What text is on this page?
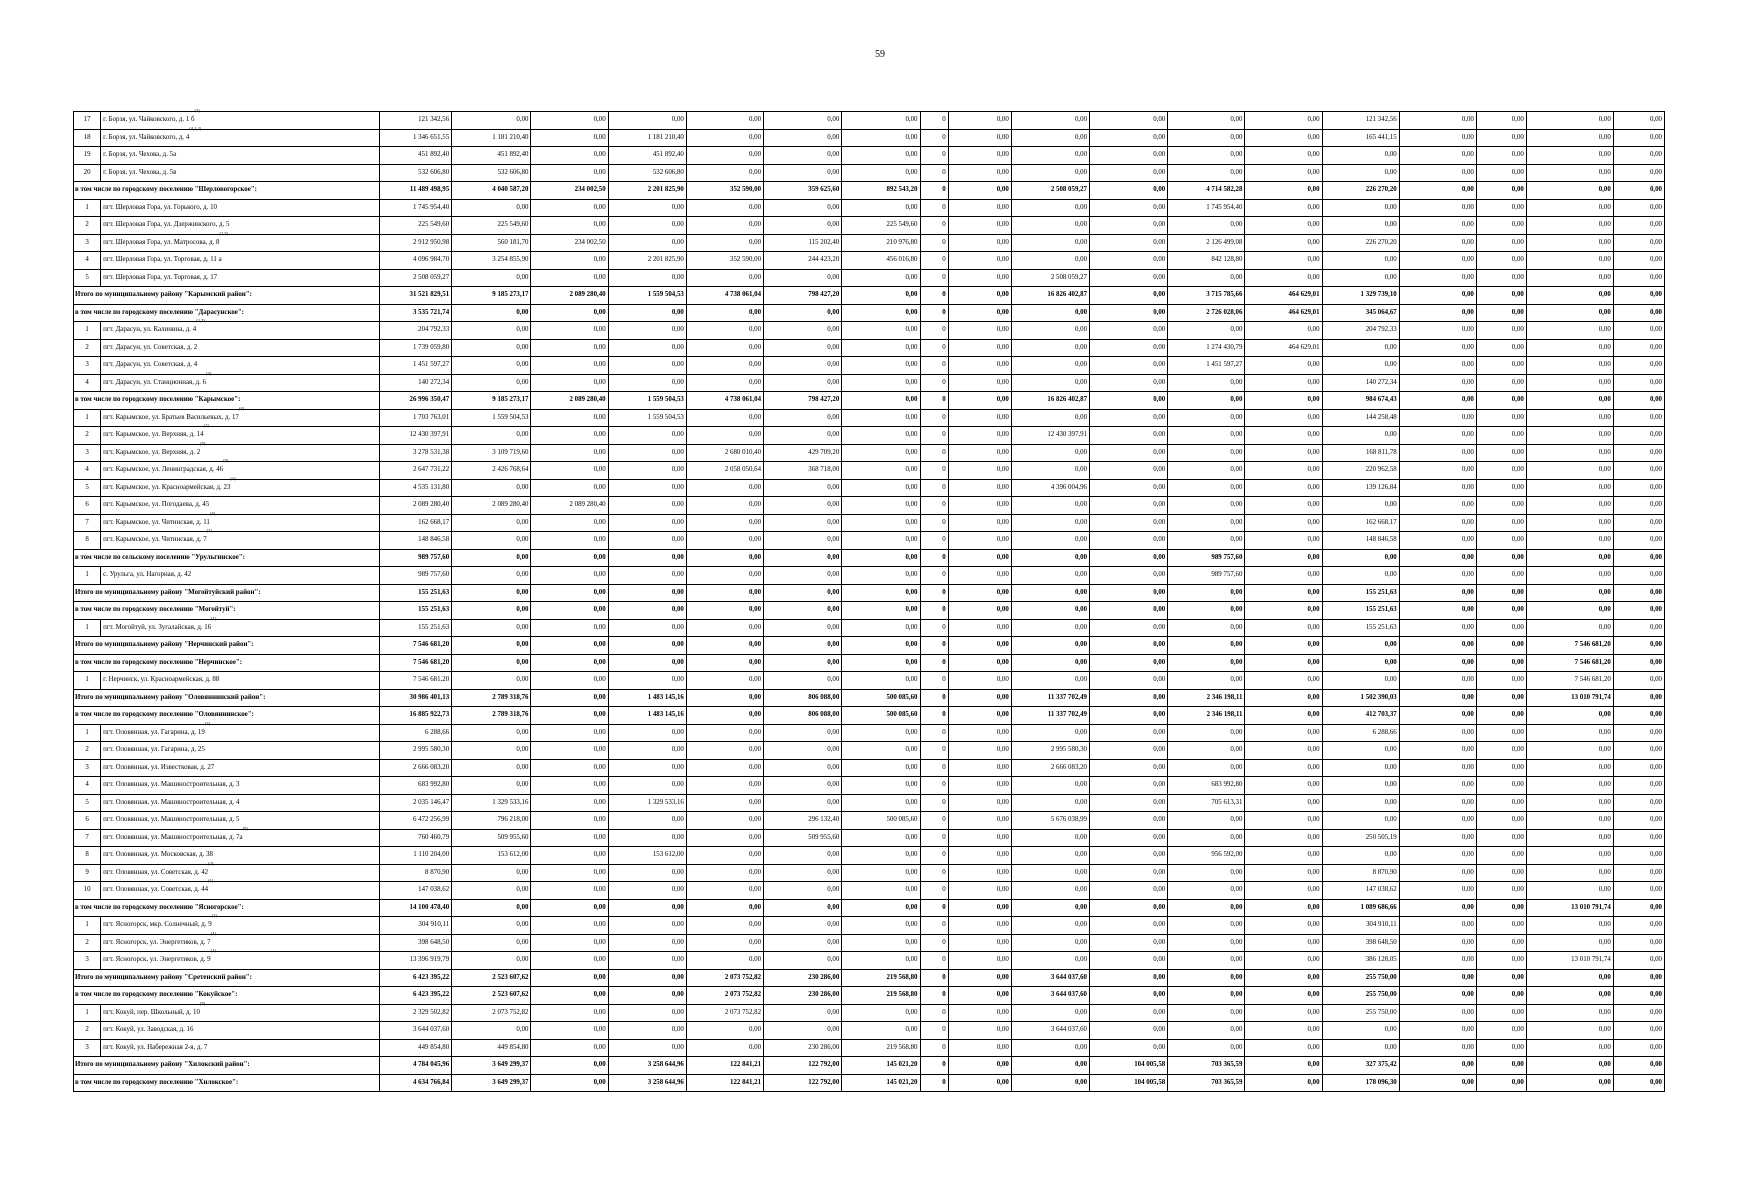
59
17	г. Борзя, ул. Чайковского, д. 1 $б^{(2)}$	121 342,56	0,00	0,00	0,00	0,00	0,00	0,00	0	0,00	0,00	0,00	0,00	0,00	121 342,56	0,00	0,00	0,00	0,00
18	г. Борзя, ул. Чайковского, д. 4$^{(4,1,2)}$	1 346 651,55	1 181 210,40	0,00	1 181 210,40	0,00	0,00	0,00	0	0,00	0,00	0,00	0,00	0,00	165 441,15	0,00	0,00	0,00	0,00
19	г. Борзя, ул. Чехова, д. 5а	451 892,40	451 892,40	0,00	451 892,40	0,00	0,00	0,00	0	0,00	0,00	0,00	0,00	0,00	0,00	0,00	0,00	0,00	0,00
20	г. Борзя, ул. Чехова, д. 5в	532 606,80	532 606,80	0,00	532 606,80	0,00	0,00	0,00	0	0,00	0,00	0,00	0,00	0,00	0,00	0,00	0,00	0,00	0,00
в том числе по городскому поселению "Шерловогорское":		11 489 498,95	4 040 587,20	234 002,50	2 201 825,90	352 590,00	359 625,60	892 543,20	0	0,00	2 508 059,27	0,00	4 714 582,28	0,00	226 270,20	0,00	0,00	0,00	0,00
1	пгт. Шерловая Гора, ул. Горького, д. 10	1 745 954,40	0,00	0,00	0,00	0,00	0,00	0,00	0	0,00	0,00	0,00	1 745 954,40	0,00	0,00	0,00	0,00	0,00	0,00
2	пгт. Шерловая Гора, ул. Дзержинского, д. 5	225 549,60	225 549,60	0,00	0,00	0,00	0,00	225 549,60	0	0,00	0,00	0,00	0,00	0,00	0,00	0,00	0,00	0,00	0,00
3	пгт. Шерловая Гора, ул. Матросова, д. 8$^{(2,5)}$	2 912 950,98	560 181,70	234 002,50	0,00	0,00	115 202,40	210 976,80	0	0,00	0,00	0,00	2 126 499,08	0,00	226 270,20	0,00	0,00	0,00	0,00
4	пгт. Шерловая Гора, ул. Торговая, д. 11 а	4 096 984,70	3 254 855,90	0,00	2 201 825,90	352 590,00	244 423,20	456 016,80	0	0,00	0,00	0,00	842 128,80	0,00	0,00	0,00	0,00	0,00	0,00
5	пгт. Шерловая Гора, ул. Торговая, д. 17	2 508 059,27	0,00	0,00	0,00	0,00	0,00	0,00	0	0,00	2 508 059,27	0,00	0,00	0,00	0,00	0,00	0,00	0,00	0,00
Итого по муниципальному району "Карымский район":		31 521 829,51	9 185 273,17	2 089 280,40	1 559 504,53	4 738 061,04	798 427,20	0,00	0	0,00	16 826 402,87	0,00	3 715 785,66	464 629,01	1 329 739,10	0,00	0,00	0,00	0,00
в том числе по городскому поселению "Дарасунское":		3 535 721,74	0,00	0,00	0,00	0,00	0,00	0,00	0	0,00	0,00	0,00	2 726 028,06	464 629,01	345 064,67	0,00	0,00	0,00	0,00
1	пгт. Дарасун, ул. Калинина, д. 4$^{(2,3)}$	204 792,33	0,00	0,00	0,00	0,00	0,00	0,00	0	0,00	0,00	0,00	0,00	0,00	204 792,33	0,00	0,00	0,00	0,00
2	пгт. Дарасун, ул. Советская, д. 2	1 739 059,80	0,00	0,00	0,00	0,00	0,00	0,00	0	0,00	0,00	0,00	1 274 430,79	464 629,01	0,00	0,00	0,00	0,00	0,00
3	пгт. Дарасун, ул. Советская, д. 4	1 451 597,27	0,00	0,00	0,00	0,00	0,00	0,00	0	0,00	0,00	0,00	1 451 597,27	0,00	0,00	0,00	0,00	0,00	0,00
4	пгт. Дарасун, ул. Станционная, д. 6$^{(4)}$	140 272,34	0,00	0,00	0,00	0,00	0,00	0,00	0	0,00	0,00	0,00	0,00	0,00	140 272,34	0,00	0,00	0,00	0,00
в том числе по городскому поселению "Карымское":		26 996 350,47	9 185 273,17	2 089 280,40	1 559 504,53	4 738 061,04	798 427,20	0,00	0	0,00	16 826 402,87	0,00	0,00	0,00	984 674,43	0,00	0,00	0,00	0,00
1	пгт. Карымское, ул. Братьев Васильевых, д. 17$^{(4)}$	1 703 763,01	1 559 504,53	0,00	1 559 504,53	0,00	0,00	0,00	0	0,00	0,00	0,00	0,00	0,00	144 258,48	0,00	0,00	0,00	0,00
2	пгт. Карымское, ул. Верхняя, д. 14$^{(1)}$	12 430 397,91	0,00	0,00	0,00	0,00	0,00	0,00	0	0,00	12 430 397,91	0,00	0,00	0,00	0,00	0,00	0,00	0,00	0,00
3	пгт. Карымское, ул. Верхняя, д. 2$^{(5)}$	3 278 531,38	3 109 719,60	0,00	0,00	2 680 010,40	429 709,20	0,00	0	0,00	0,00	0,00	0,00	0,00	168 811,78	0,00	0,00	0,00	0,00
4	пгт. Карымское, ул. Ленинградская, д. 46$^{(5)}$	2 647 731,22	2 426 768,64	0,00	0,00	2 058 050,64	368 718,00	0,00	0	0,00	0,00	0,00	0,00	0,00	220 962,58	0,00	0,00	0,00	0,00
5	пгт. Карымское, ул. Красноармейская, д. 23$^{(1)}$	4 535 131,80	0,00	0,00	0,00	0,00	0,00	0,00	0	0,00	4 396 004,96	0,00	0,00	0,00	139 126,84	0,00	0,00	0,00	0,00
6	пгт. Карымское, ул. Погодаева, д. 45	2 089 280,40	2 089 280,40	2 089 280,40	0,00	0,00	0,00	0,00	0	0,00	0,00	0,00	0,00	0,00	0,00	0,00	0,00	0,00	0,00
7	пгт. Карымское, ул. Читинская, д. 11$^{(4)}$	162 668,17	0,00	0,00	0,00	0,00	0,00	0,00	0	0,00	0,00	0,00	0,00	0,00	162 668,17	0,00	0,00	0,00	0,00
8	пгт. Карымское, ул. Читинская, д. 7$^{(1)}$	148 846,58	0,00	0,00	0,00	0,00	0,00	0,00	0	0,00	0,00	0,00	0,00	0,00	148 846,58	0,00	0,00	0,00	0,00
в том числе по сельскому поселению "Урульгинское":		989 757,60	0,00	0,00	0,00	0,00	0,00	0,00	0	0,00	0,00	0,00	989 757,60	0,00	0,00	0,00	0,00	0,00	0,00
1	с. Урульга, ул. Нагорная, д. 42	989 757,60	0,00	0,00	0,00	0,00	0,00	0,00	0	0,00	0,00	0,00	989 757,60	0,00	0,00	0,00	0,00	0,00	0,00
Итого по муниципальному району "Могойтуйский район":		155 251,63	0,00	0,00	0,00	0,00	0,00	0,00	0	0,00	0,00	0,00	0,00	0,00	155 251,63	0,00	0,00	0,00	0,00
в том числе по городскому поселению "Могойтуй":		155 251,63	0,00	0,00	0,00	0,00	0,00	0,00	0	0,00	0,00	0,00	0,00	0,00	155 251,63	0,00	0,00	0,00	0,00
1	пгт. Могойтуй, ул. Зугалайская, д. 16$^{(1)}$	155 251,63	0,00	0,00	0,00	0,00	0,00	0,00	0	0,00	0,00	0,00	0,00	0,00	155 251,63	0,00	0,00	0,00	0,00
Итого по муниципальному району "Нерчинский район":		7 546 681,20	0,00	0,00	0,00	0,00	0,00	0,00	0	0,00	0,00	0,00	0,00	0,00	0,00	0,00	0,00	7 546 681,20	0,00
в том числе по городскому поселению "Нерчинское":		7 546 681,20	0,00	0,00	0,00	0,00	0,00	0,00	0	0,00	0,00	0,00	0,00	0,00	0,00	0,00	0,00	7 546 681,20	0,00
1	г. Нерчинск, ул. Красноармейская, д. 88	7 546 681,20	0,00	0,00	0,00	0,00	0,00	0,00	0	0,00	0,00	0,00	0,00	0,00	0,00	0,00	0,00	7 546 681,20	0,00
Итого по муниципальному району "Оловяннинский район":		30 986 401,13	2 789 318,76	0,00	1 483 145,16	0,00	806 088,00	500 085,60	0	0,00	11 337 702,49	0,00	2 346 198,11	0,00	1 502 390,03	0,00	0,00	13 010 791,74	0,00
в том числе по городскому поселению "Оловяннинское":		16 885 922,73	2 789 318,76	0,00	1 483 145,16	0,00	806 088,00	500 085,60	0	0,00	11 337 702,49	0,00	2 346 198,11	0,00	412 703,37	0,00	0,00	0,00	0,00
1	пгт. Оловянная, ул. Гагарина, д. 19$^{(2)}$	6 288,66	0,00	0,00	0,00	0,00	0,00	0,00	0	0,00	0,00	0,00	0,00	0,00	6 288,66	0,00	0,00	0,00	0,00
2	пгт. Оловянная, ул. Гагарина, д. 25	2 995 580,30	0,00	0,00	0,00	0,00	0,00	0,00	0	0,00	2 995 580,30	0,00	0,00	0,00	0,00	0,00	0,00	0,00	0,00
3	пгт. Оловянная, ул. Известковая, д. 27	2 666 083,20	0,00	0,00	0,00	0,00	0,00	0,00	0	0,00	2 666 083,20	0,00	0,00	0,00	0,00	0,00	0,00	0,00	0,00
4	пгт. Оловянная, ул. Машиностроительная, д. 3	683 992,80	0,00	0,00	0,00	0,00	0,00	0,00	0	0,00	0,00	0,00	683 992,80	0,00	0,00	0,00	0,00	0,00	0,00
5	пгт. Оловянная, ул. Машиностроительная, д. 4	2 035 146,47	1 329 533,16	0,00	1 329 533,16	0,00	0,00	0,00	0	0,00	0,00	0,00	705 613,31	0,00	0,00	0,00	0,00	0,00	0,00
6	пгт. Оловянная, ул. Машиностроительная, д. 5	6 472 256,99	796 218,00	0,00	0,00	0,00	296 132,40	500 085,60	0	0,00	5 676 038,99	0,00	0,00	0,00	0,00	0,00	0,00	0,00	0,00
7	пгт. Оловянная, ул. Машиностроительная, д. $7а^{(5)}$	760 460,79	509 955,60	0,00	0,00	0,00	509 955,60	0,00	0	0,00	0,00	0,00	0,00	0,00	250 505,19	0,00	0,00	0,00	0,00
8	пгт. Оловянная, ул. Московская, д. 38	1 110 204,00	153 612,00	0,00	153 612,00	0,00	0,00	0,00	0	0,00	0,00	0,00	956 592,00	0,00	0,00	0,00	0,00	0,00	0,00
9	пгт. Оловянная, ул. Советская, д. 42$^{(2)}$	8 870,90	0,00	0,00	0,00	0,00	0,00	0,00	0	0,00	0,00	0,00	0,00	0,00	8 870,90	0,00	0,00	0,00	0,00
10	пгт. Оловянная, ул. Советская, д. 44$^{(1)}$	147 038,62	0,00	0,00	0,00	0,00	0,00	0,00	0	0,00	0,00	0,00	0,00	0,00	147 038,62	0,00	0,00	0,00	0,00
в том числе по городскому поселению "Ясногорское":		14 100 478,40	0,00	0,00	0,00	0,00	0,00	0,00	0	0,00	0,00	0,00	0,00	0,00	1 089 686,66	0,00	0,00	13 010 791,74	0,00
1	пгт. Ясногорск, мкр. Солнечный, д. 9$^{(1)}$	304 910,11	0,00	0,00	0,00	0,00	0,00	0,00	0	0,00	0,00	0,00	0,00	0,00	304 910,11	0,00	0,00	0,00	0,00
2	пгт. Ясногорск, ул. Энергетиков, д. 7$^{(4)}$	398 648,50	0,00	0,00	0,00	0,00	0,00	0,00	0	0,00	0,00	0,00	0,00	0,00	398 648,50	0,00	0,00	0,00	0,00
3	пгт. Ясногорск, ул. Энергетиков, д. 9$^{(1)}$	13 396 919,79	0,00	0,00	0,00	0,00	0,00	0,00	0	0,00	0,00	0,00	0,00	0,00	386 128,05	0,00	0,00	13 010 791,74	0,00
Итого по муниципальному району "Сретенский район":		6 423 395,22	2 523 607,62	0,00	0,00	2 073 752,82	230 286,00	219 568,80	0	0,00	3 644 037,60	0,00	0,00	0,00	255 750,00	0,00	0,00	0,00	0,00
в том числе по городскому поселению "Кокуйское":		6 423 395,22	2 523 607,62	0,00	0,00	2 073 752,82	230 286,00	219 568,80	0	0,00	3 644 037,60	0,00	0,00	0,00	255 750,00	0,00	0,00	0,00	0,00
1	пгт. Кокуй, пер. Школьный, д. 10$^{(5)}$	2 329 502,82	2 073 752,82	0,00	0,00	2 073 752,82	0,00	0,00	0	0,00	0,00	0,00	0,00	0,00	255 750,00	0,00	0,00	0,00	0,00
2	пгт. Кокуй, ул. Заводская, д. 16	3 644 037,60	0,00	0,00	0,00	0,00	0,00	0,00	0	0,00	3 644 037,60	0,00	0,00	0,00	0,00	0,00	0,00	0,00	0,00
3	пгт. Кокуй, ул. Набережная 2-я, д. 7	449 854,80	449 854,80	0,00	0,00	0,00	230 286,00	219 568,80	0	0,00	0,00	0,00	0,00	0,00	0,00	0,00	0,00	0,00	0,00
Итого по муниципальному району "Хилокский район":		4 784 045,96	3 649 299,37	0,00	3 258 644,96	122 841,21	122 792,00	145 021,20	0	0,00	0,00	104 005,58	703 365,59	0,00	327 375,42	0,00	0,00	0,00	0,00
в том числе по городскому поселению "Хилокское":		4 634 766,84	3 649 299,37	0,00	3 258 644,96	122 841,21	122 792,00	145 021,20	0	0,00	0,00	104 005,58	703 365,59	0,00	178 096,30	0,00	0,00	0,00	0,00
